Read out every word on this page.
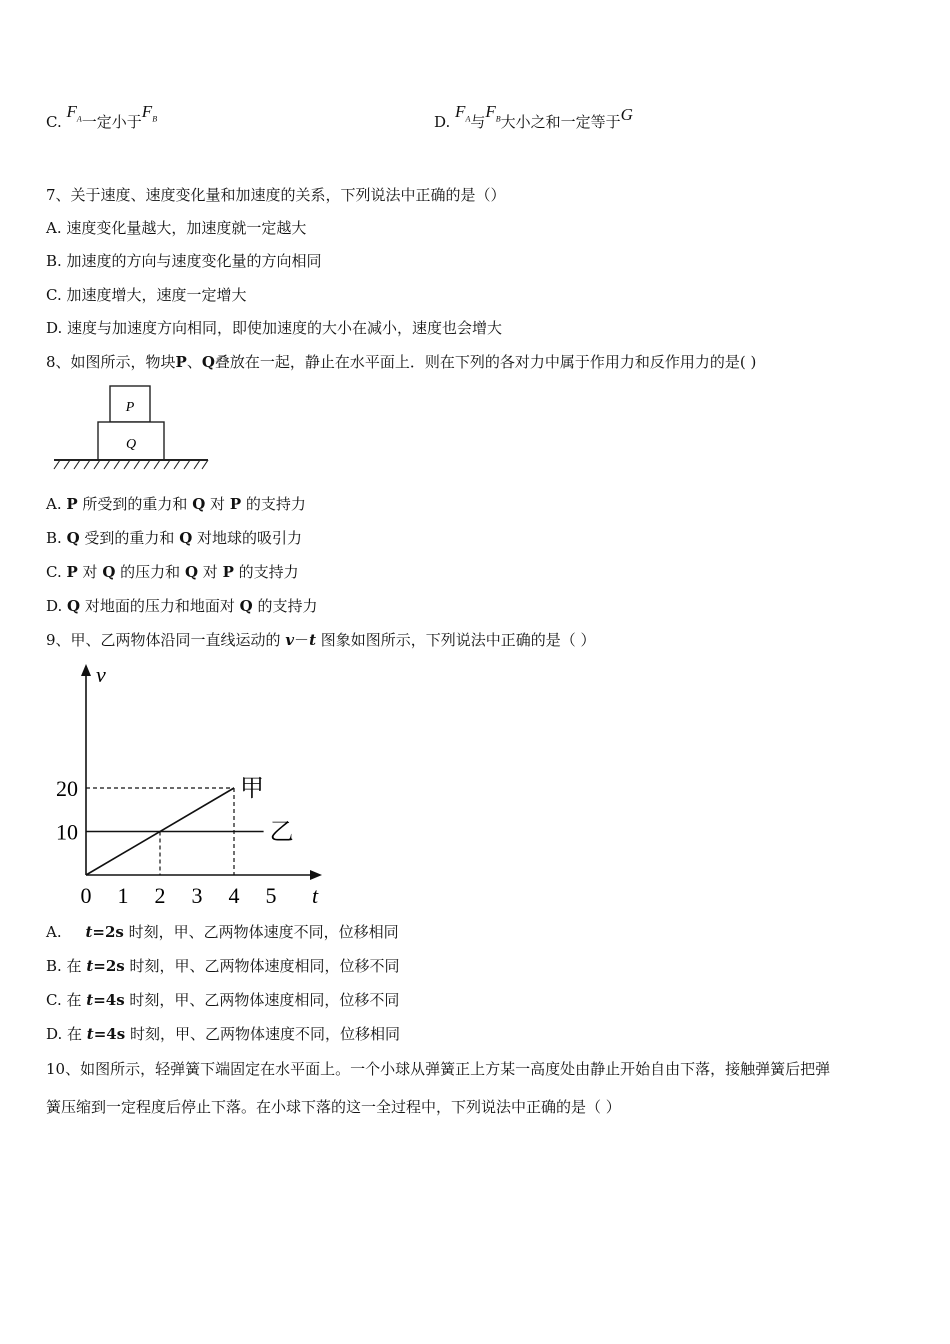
C. $F_A$一定小于$F_B$	D. $F_A$与$F_B$大小之和一定等于G
7、关于速度、速度变化量和加速度的关系，下列说法中正确的是（）
A. 速度变化量越大，加速度就一定越大
B. 加速度的方向与速度变化量的方向相同
C. 加速度增大，速度一定增大
D. 速度与加速度方向相同，即使加速度的大小在减小，速度也会增大
8、如图所示，物块P、Q叠放在一起，静止在水平面上．则在下列的各对力中属于作用力和反作用力的是( )
P
Q
A. P 所受到的重力和 Q 对 P 的支持力
B. Q 受到的重力和 Q 对地球的吸引力
C. P 对 Q 的压力和 Q 对 P 的支持力
D. Q 对地面的压力和地面对 Q 的支持力
9、甲、乙两物体沿同一直线运动的 v－t 图象如图所示，下列说法中正确的是（ ）
v
t
0 1 2 3 4 5
10
20	甲
乙
A.     t=2s 时刻，甲、乙两物体速度不同，位移相同
B. 在 t=2s 时刻，甲、乙两物体速度相同，位移不同
C. 在 t=4s 时刻，甲、乙两物体速度相同，位移不同
D. 在 t=4s 时刻，甲、乙两物体速度不同，位移相同
10、如图所示，轻弹簧下端固定在水平面上。一个小球从弹簧正上方某一高度处由静止开始自由下落，接触弹簧后把弹
簧压缩到一定程度后停止下落。在小球下落的这一全过程中，下列说法中正确的是（ ）
